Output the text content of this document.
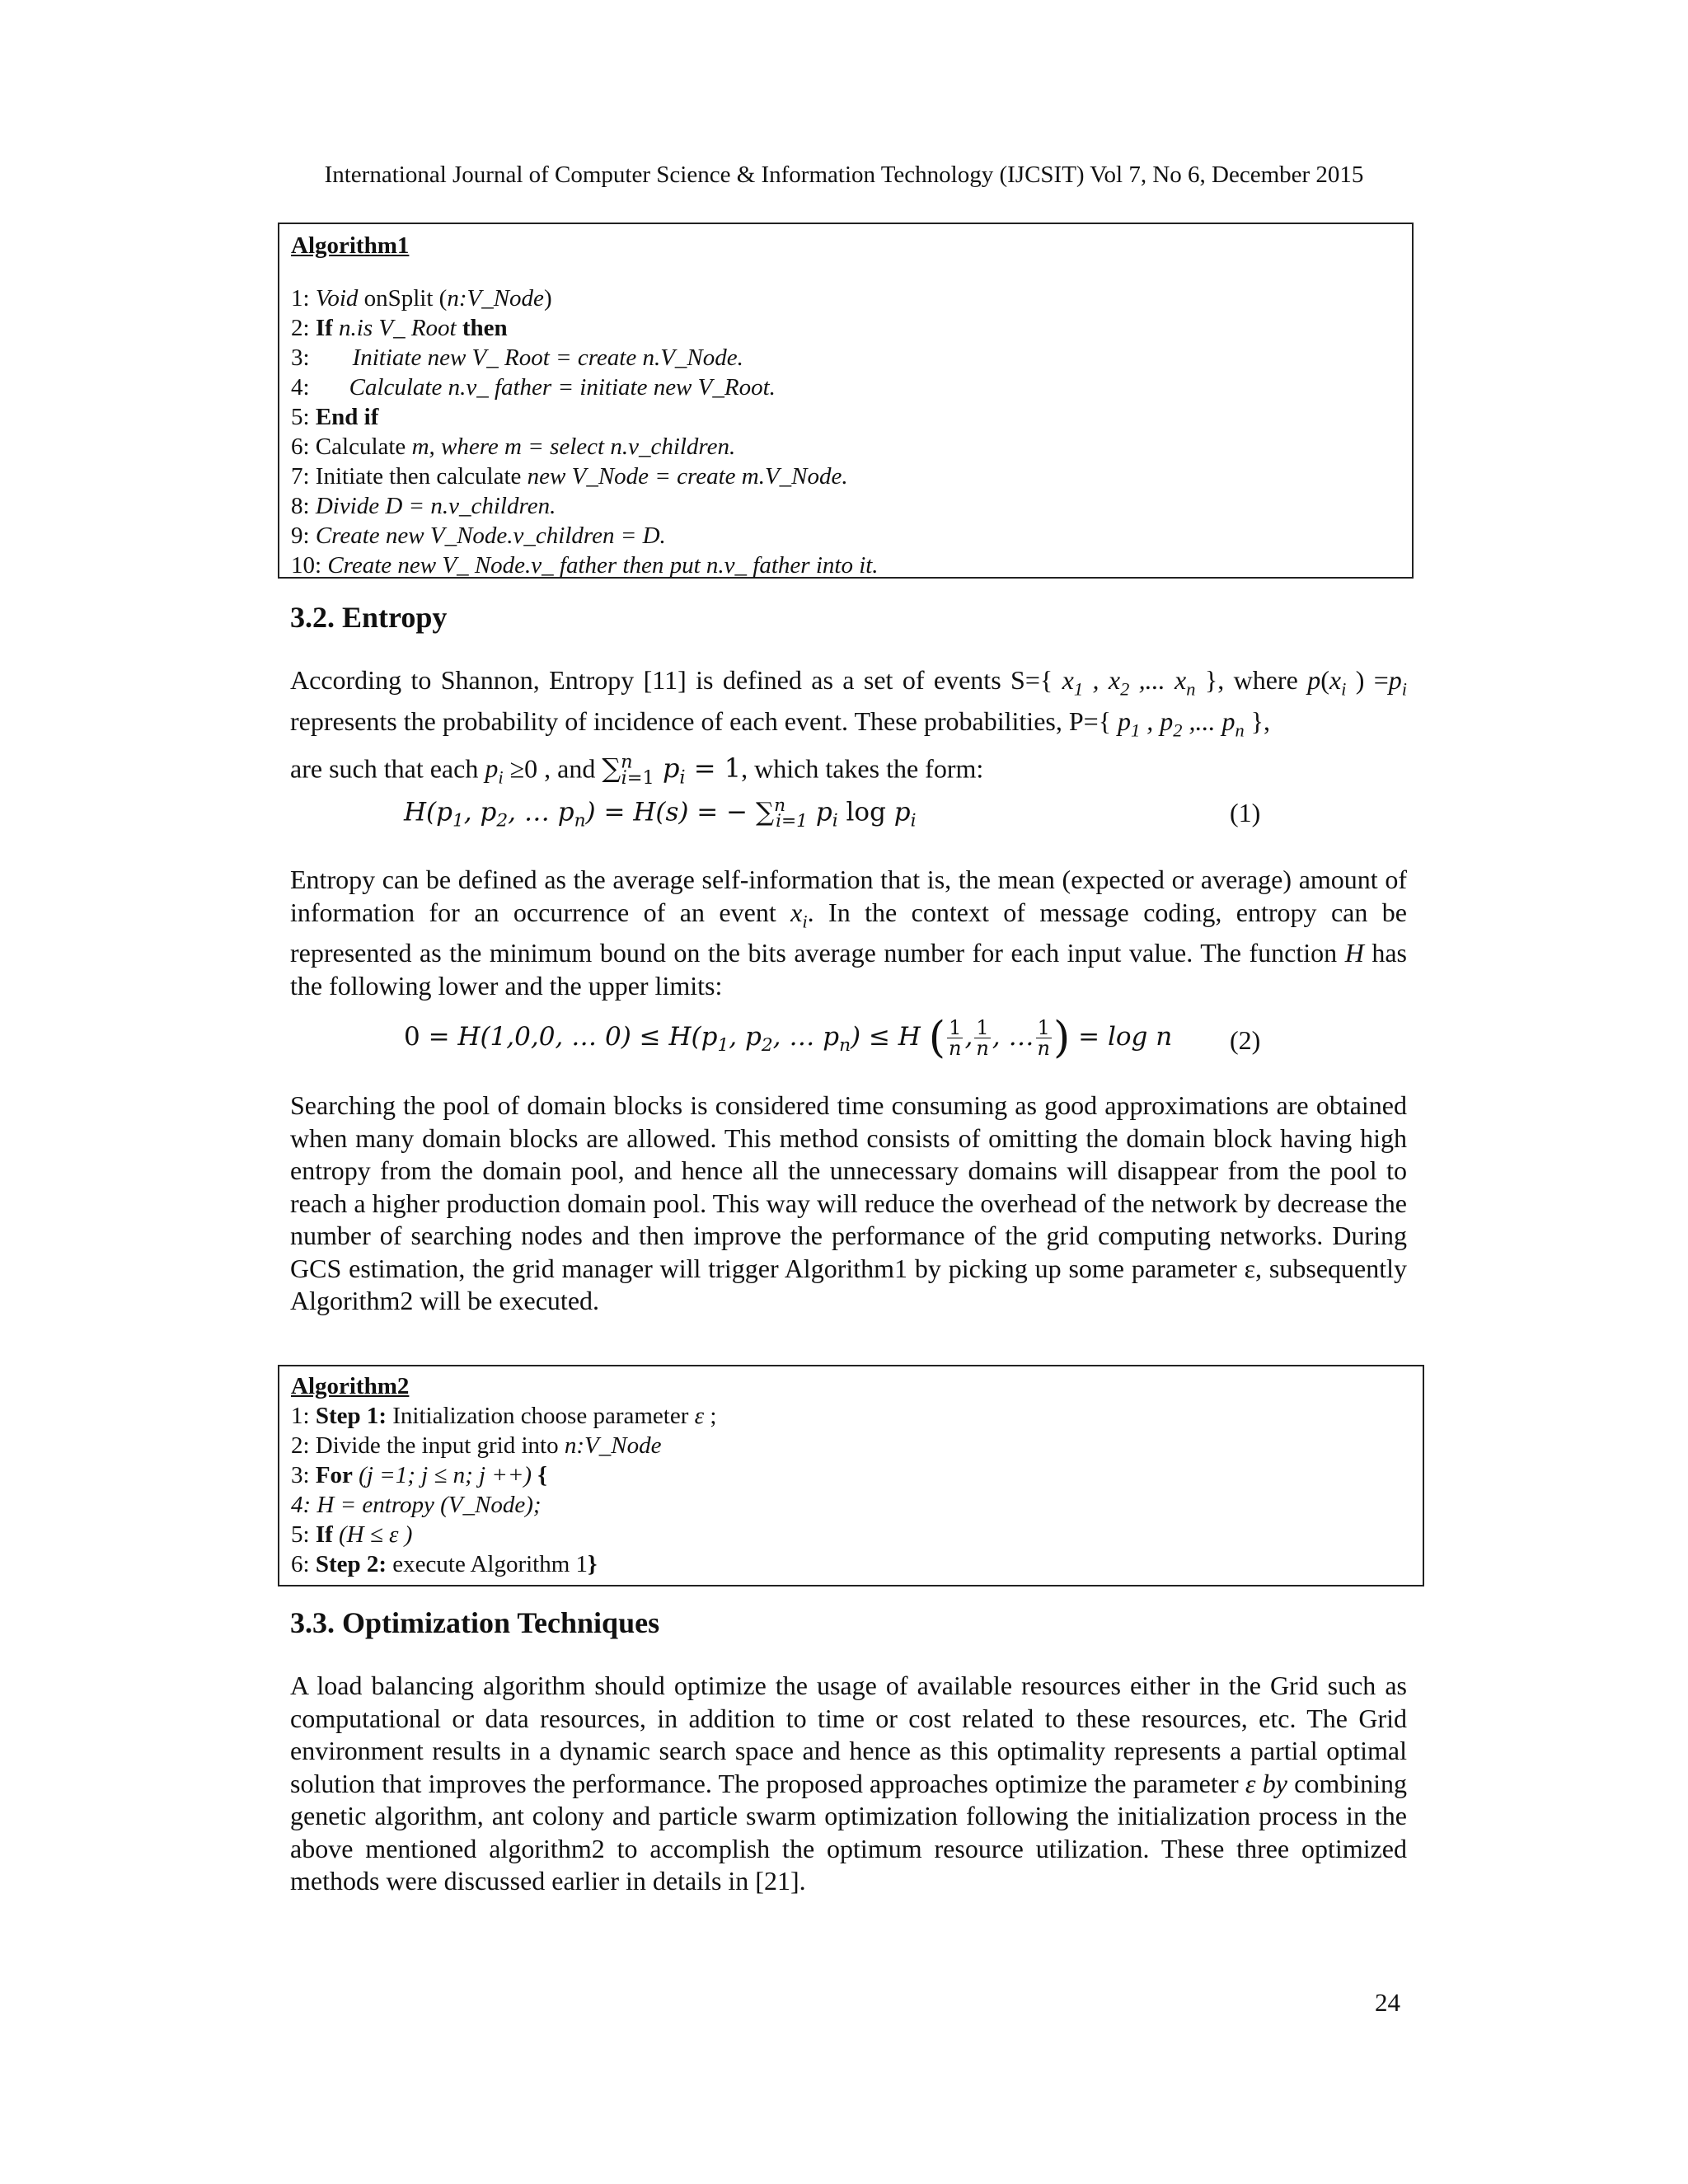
International Journal of Computer Science & Information Technology (IJCSIT) Vol 7, No 6, December 2015
Algorithm1
1: Void onSplit (n:V_Node)
2: If n.is V_ Root then
3: Initiate new V_ Root = create n.V_Node.
4: Calculate n.v_ father = initiate new V_Root.
5: End if
6: Calculate m, where m = select n.v_children.
7: Initiate then calculate new V_Node = create m.V_Node.
8: Divide D = n.v_children.
9: Create new V_Node.v_children = D.
10: Create new V_ Node.v_ father then put n.v_ father into it.
3.2. Entropy

According to Shannon, Entropy [11] is defined as a set of events S={ $x_1$ , $x_2$ ,... $x_n$ }, where $p(x_i$ ) $=p_i$ represents the probability of incidence of each event. These probabilities, P={ $p_1$ , $p_2$ ,... $p_n$ },
are such that each $p_i \ge 0$ , and ∑$^n_{i=1}$ $p_i = 1$, which takes the form:

$H(p_1$, $p_2$, … $p_n) = H(s)$ = − ∑$^n_{i=1}$ $p_i$ $\log p_i$	(1)

Entropy can be defined as the average self-information that is, the mean (expected or average) amount of information for an occurrence of an event $x_i$. In the context of message coding, entropy can be represented as the minimum bound on the bits average number for each input value. The function H has the following lower and the upper limits:

0 = H(1,0,0, … $0) \le H(p_1$, $p_2$, … $p_n) \le H$ ( $\frac{1}{n}$ , $\frac{1}{n}$ , … $\frac{1}{n}$ ) = log n (2)

Searching the pool of domain blocks is considered time consuming as good approximations are obtained when many domain blocks are allowed. This method consists of omitting the domain block having high entropy from the domain pool, and hence all the unnecessary domains will disappear from the pool to reach a higher production domain pool. This way will reduce the overhead of the network by decrease the number of searching nodes and then improve the performance of the grid computing networks. During GCS estimation, the grid manager will trigger Algorithm1 by picking up some parameter ε, subsequently Algorithm2 will be executed.

Algorithm2
1: Step 1: Initialization choose parameter ε ;
2: Divide the input grid into n:V_Node
3: For (j =1; j ≤ n; j ++) {
4: H = entropy (V_Node);
5: If (H ≤ ε )
6: Step 2: execute Algorithm 1}
3.3. Optimization Techniques

A load balancing algorithm should optimize the usage of available resources either in the Grid such as computational or data resources, in addition to time or cost related to these resources, etc. The Grid environment results in a dynamic search space and hence as this optimality represents a partial optimal solution that improves the performance. The proposed approaches optimize the parameter ε by combining genetic algorithm, ant colony and particle swarm optimization following the initialization process in the above mentioned algorithm2 to accomplish the optimum resource utilization. These three optimized methods were discussed earlier in details in [21].

24
